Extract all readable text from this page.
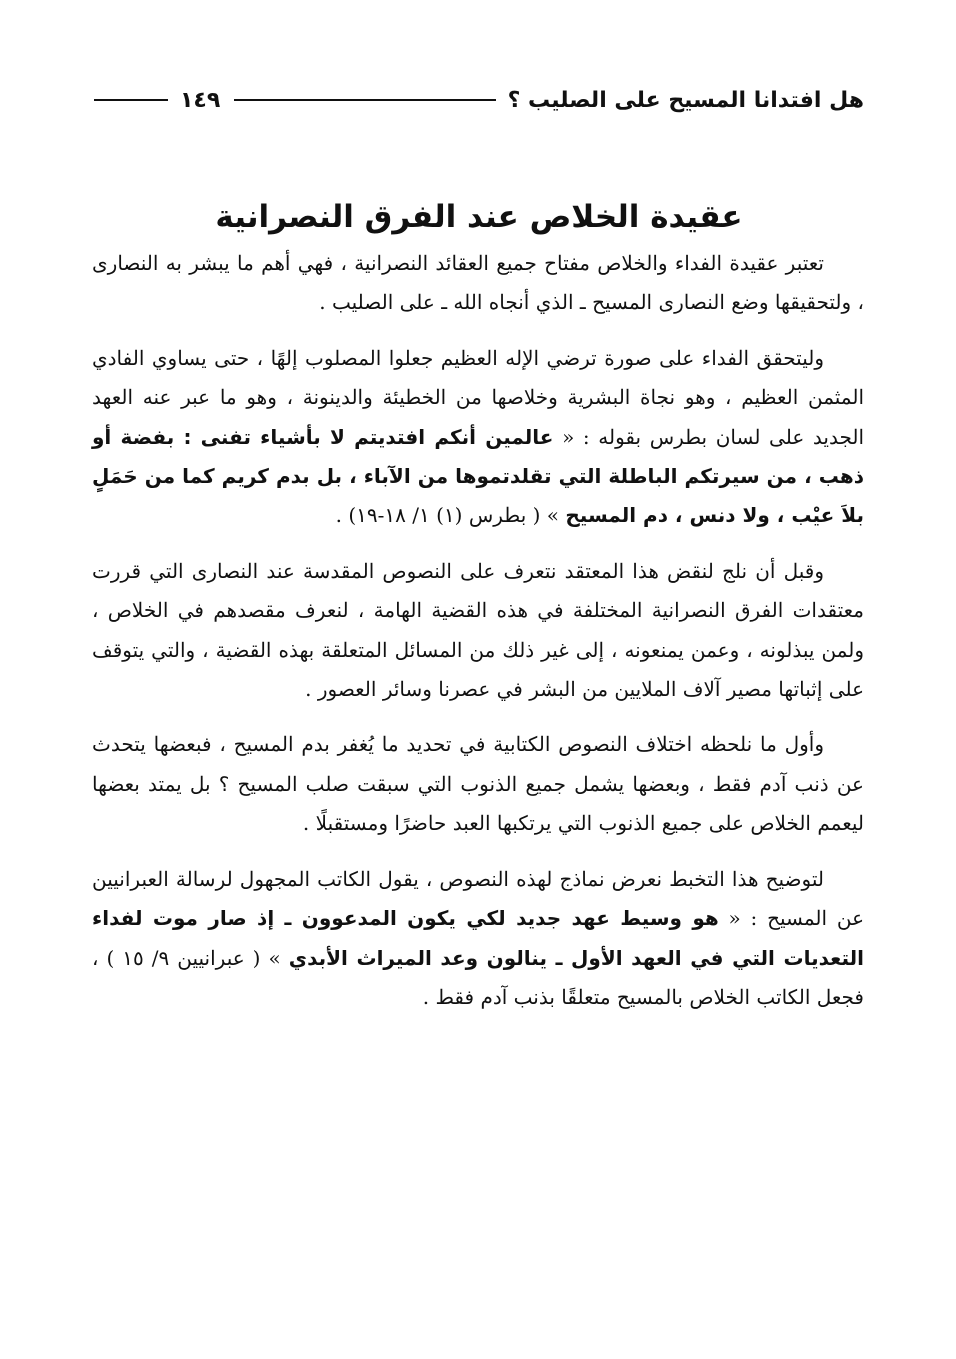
هل افتدانا المسيح على الصليب ؟
١٤٩
عقيدة الخلاص عند الفرق النصرانية

تعتبر عقيدة الفداء والخلاص مفتاح جميع العقائد النصرانية ، فهي أهم ما يبشر به النصارى ، ولتحقيقها وضع النصارى المسيح ـ الذي أنجاه الله ـ على الصليب .

وليتحقق الفداء على صورة ترضي الإله العظيم جعلوا المصلوب إلهًا ، حتى يساوي الفادي المثمن العظيم ، وهو نجاة البشرية وخلاصها من الخطيئة والدينونة ، وهو ما عبر عنه العهد الجديد على لسان بطرس بقوله : « عالمين أنكم افتديتم لا بأشياء تفنى : بفضة أو ذهب ، من سيرتكم الباطلة التي تقلدتموها من الآباء ، بل بدم كريم كما من حَمَلٍ بلاَ عيْب ، ولا دنس ، دم المسيح » ( بطرس (١) ١/ ١٨-١٩) .

وقبل أن نلج لنقض هذا المعتقد نتعرف على النصوص المقدسة عند النصارى التي قررت معتقدات الفرق النصرانية المختلفة في هذه القضية الهامة ، لنعرف مقصدهم في الخلاص ، ولمن يبذلونه ، وعمن يمنعونه ، إلى غير ذلك من المسائل المتعلقة بهذه القضية ، والتي يتوقف على إثباتها مصير آلاف الملايين من البشر في عصرنا وسائر العصور .

وأول ما نلحظه اختلاف النصوص الكتابية في تحديد ما يُغفر بدم المسيح ، فبعضها يتحدث عن ذنب آدم فقط ، وبعضها يشمل جميع الذنوب التي سبقت صلب المسيح ؟ بل يمتد بعضها ليعمم الخلاص على جميع الذنوب التي يرتكبها العبد حاضرًا ومستقبلًا .

لتوضيح هذا التخبط نعرض نماذج لهذه النصوص ، يقول الكاتب المجهول لرسالة العبرانيين عن المسيح : « هو وسيط عهد جديد لكي يكون المدعوون ـ إذ صار موت لفداء التعديات التي في العهد الأول ـ ينالون وعد الميراث الأبدي » ( عبرانيين ٩/ ١٥ ) ، فجعل الكاتب الخلاص بالمسيح متعلقًا بذنب آدم فقط .
